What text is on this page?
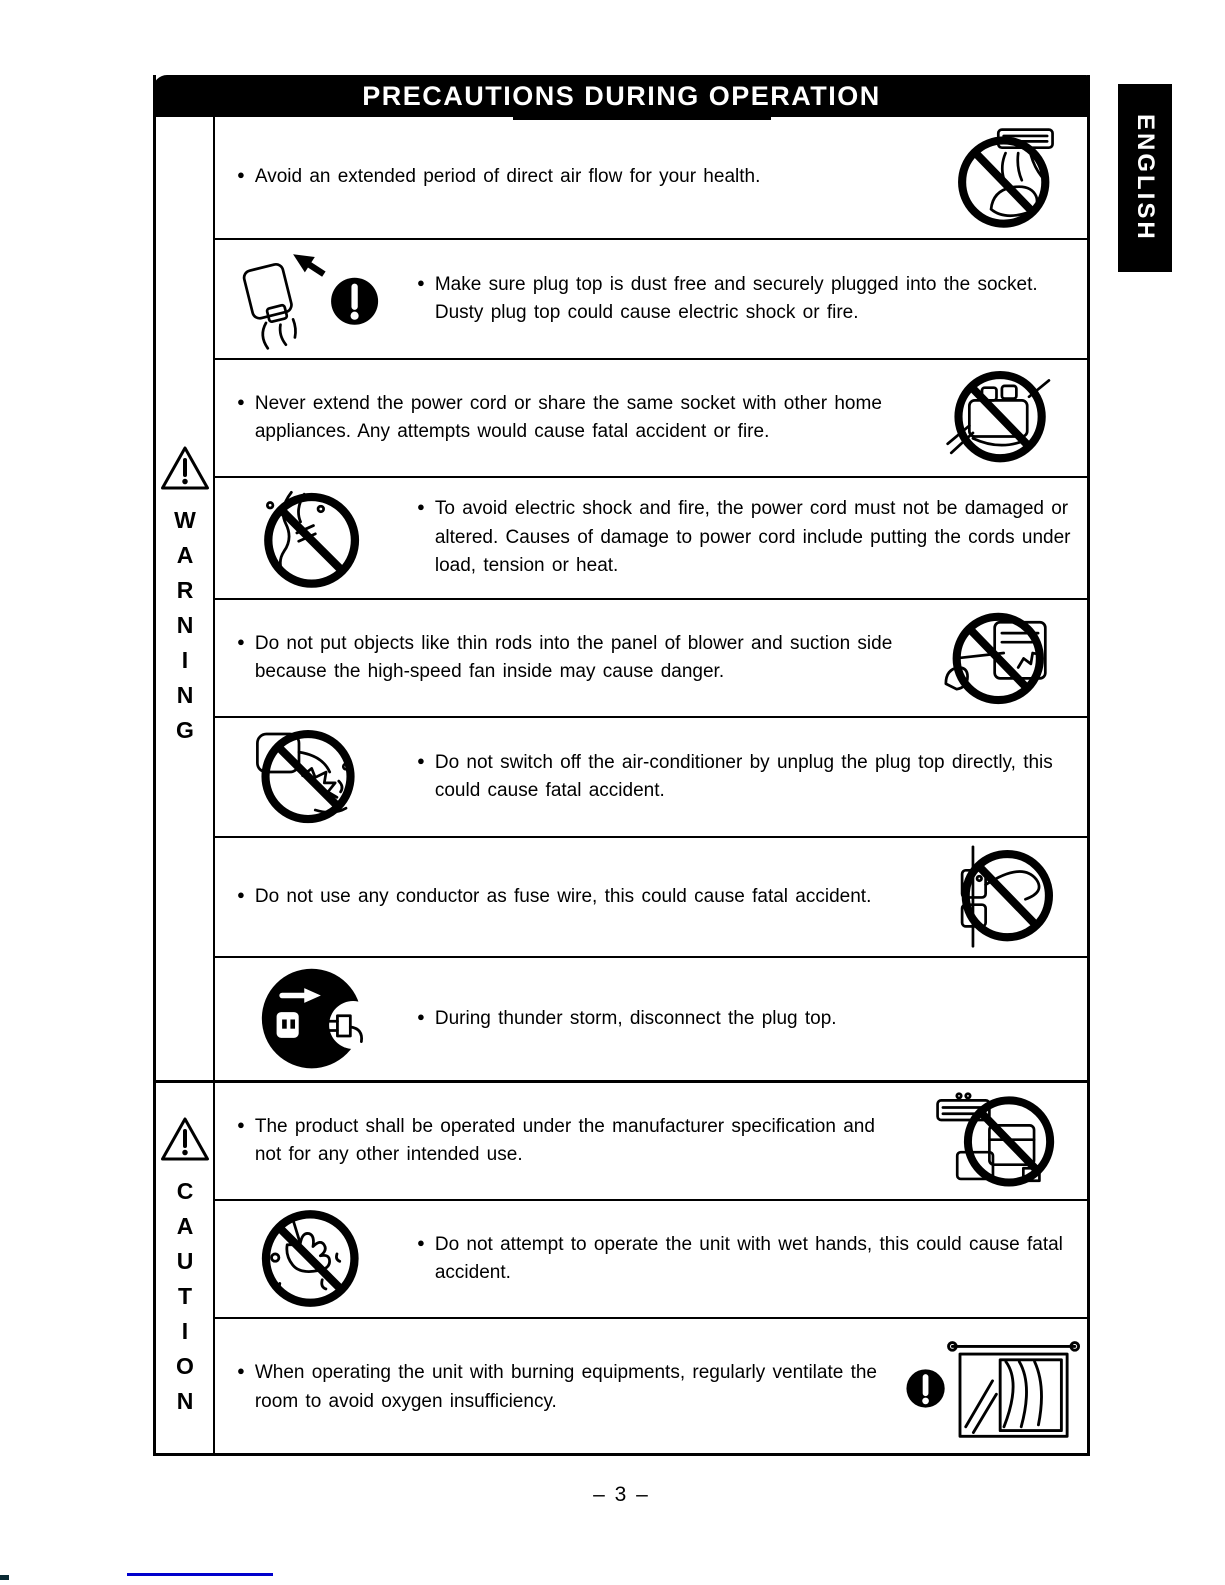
ENGLISH
PRECAUTIONS DURING OPERATION
WARNING
● Avoid an extended period of direct air flow for your health.
● Make sure plug top is dust free and securely plugged into the socket. Dusty plug top could cause electric shock or fire.
● Never extend the power cord or share the same socket with other home appliances. Any attempts would cause fatal accident or fire.
● To avoid electric shock and fire, the power cord must not be damaged or altered. Causes of damage to power cord include putting the cords under load, tension or heat.
● Do not put objects like thin rods into the panel of blower and suction side because the high-speed fan inside may cause danger.
● Do not switch off the air-conditioner by unplug the plug top directly, this could cause fatal accident.
● Do not use any conductor as fuse wire, this could cause fatal accident.
● During thunder storm, disconnect the plug top.
CAUTION
● The product shall be operated under the manufacturer specification and not for any other intended use.
● Do not attempt to operate the unit with wet hands, this could cause fatal accident.
● When operating the unit with burning equipments, regularly ventilate the room to avoid oxygen insufficiency.
– 3 –
